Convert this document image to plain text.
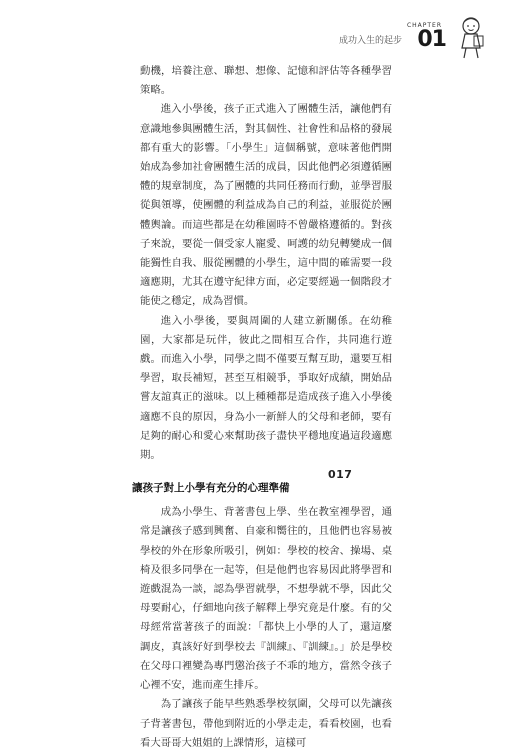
成功入生的起步
CHAPTER
01

動機，培養注意、聯想、想像、記憶和評估等各種學習策略。

進入小學後，孩子正式進入了團體生活，讓他們有意識地參與團體生活，對其個性、社會性和品格的發展都有重大的影響。「小學生」這個稱號，意味著他們開始成為參加社會團體生活的成員，因此他們必須遵循團體的規章制度，為了團體的共同任務而行動，並學習服從與領導，使團體的利益成為自己的利益，並服從於團體輿論。而這些都是在幼稚園時不曾嚴格遵循的。對孩子來說，要從一個受家人寵愛、呵護的幼兒轉變成一個能獨性自我、服從團體的小學生，這中間的確需要一段適應期，尤其在遵守紀律方面，必定要經過一個階段才能使之穩定，成為習慣。

進入小學後，要與周圍的人建立新關係。在幼稚園，大家都是玩伴，彼此之間相互合作，共同進行遊戲。而進入小學，同學之間不僅要互幫互助，還要互相學習，取長補短，甚至互相競爭，爭取好成績，開始品嘗友誼真正的滋味。以上種種都是造成孩子進入小學後適應不良的原因，身為小一新鮮人的父母和老師，要有足夠的耐心和愛心來幫助孩子盡快平穩地度過這段適應期。

讓孩子對上小學有充分的心理準備

成為小學生、背著書包上學、坐在教室裡學習，通常是讓孩子感到興奮、自豪和嚮往的，且他們也容易被學校的外在形象所吸引，例如：學校的校舍、操場、桌椅及很多同學在一起等，但是他們也容易因此將學習和遊戲混為一談，認為學習就學，不想學就不學，因此父母要耐心，仔細地向孩子解釋上學究竟是什麼。有的父母經常當著孩子的面說：「都快上小學的人了，還這麼調皮，真該好好到學校去『訓練』、『訓練』。」於是學校在父母口裡變為專門懲治孩子不乖的地方，當然令孩子心裡不安，進而產生排斥。

為了讓孩子能早些熟悉學校氛圍，父母可以先讓孩子背著書包，帶他到附近的小學走走，看看校園，也看看大哥哥大姐姐的上課情形，這樣可

017
